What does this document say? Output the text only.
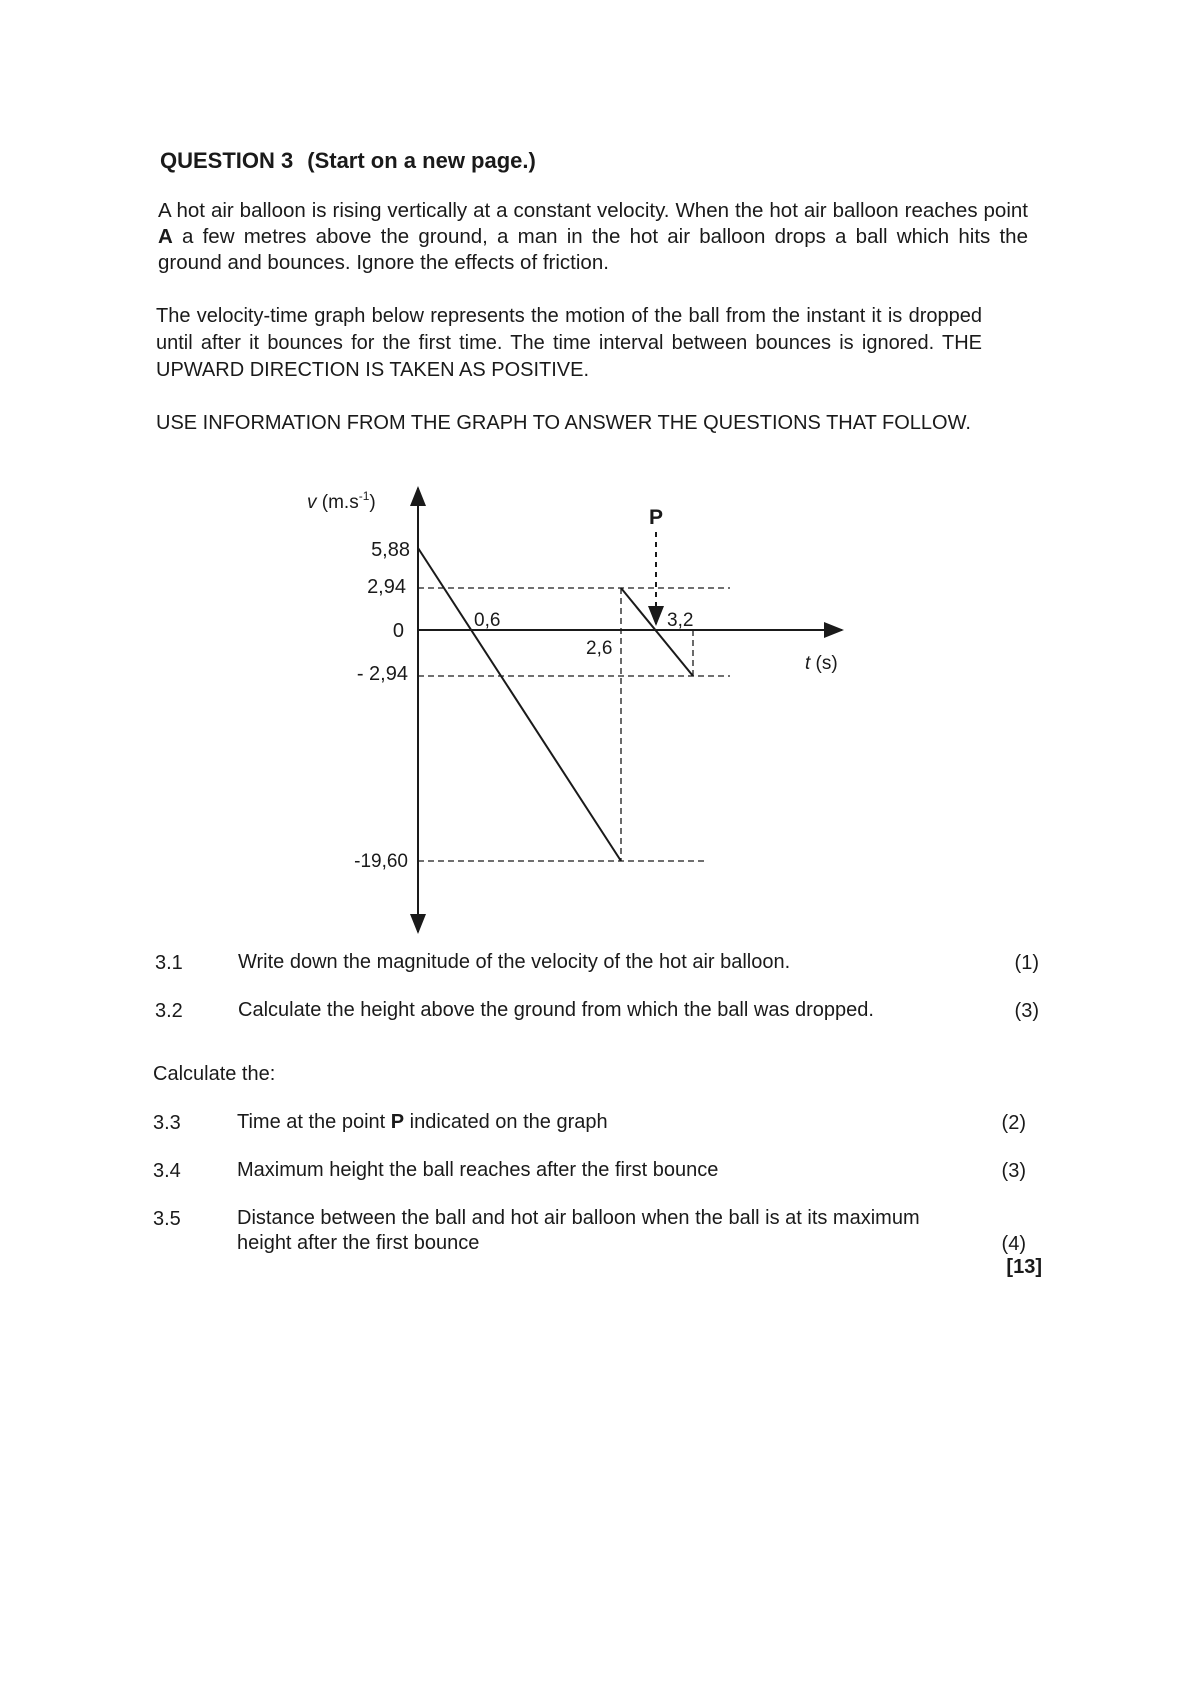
QUESTION 3 (Start on a new page.)
A hot air balloon is rising vertically at a constant velocity. When the hot air balloon reaches point A a few metres above the ground, a man in the hot air balloon drops a ball which hits the ground and bounces. Ignore the effects of friction.
The velocity-time graph below represents the motion of the ball from the instant it is dropped until after it bounces for the first time. The time interval between bounces is ignored. THE UPWARD DIRECTION IS TAKEN AS POSITIVE.
USE INFORMATION FROM THE GRAPH TO ANSWER THE QUESTIONS THAT FOLLOW.
v $(m.s^{-1})$
t (s)
5,88
2,94
0
- 2,94
-19,60
P
0,6
2,6
3,2
3.1	Write down the magnitude of the velocity of the hot air balloon.	(1)
3.2	Calculate the height above the ground from which the ball was dropped.	(3)
Calculate the:
3.3	Time at the point P indicated on the graph	(2)
3.4	Maximum height the ball reaches after the first bounce	(3)
3.5	Distance between the ball and hot air balloon when the ball is at its maximum
height after the first bounce	(4)
[13]
